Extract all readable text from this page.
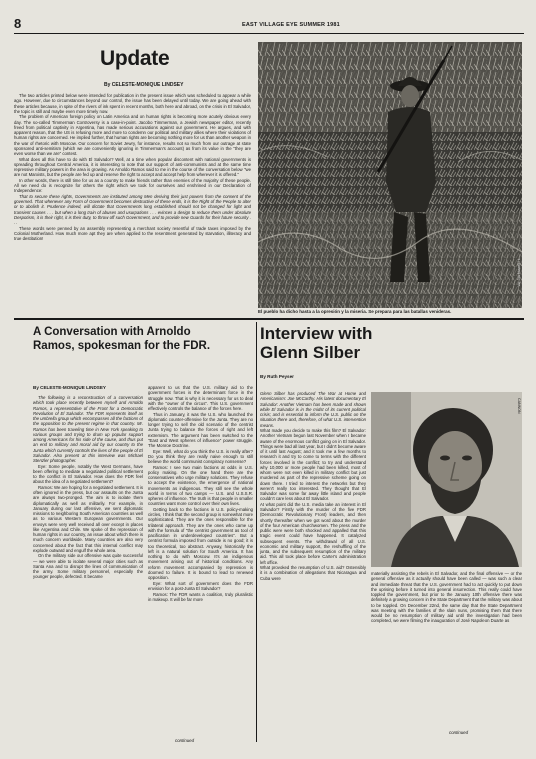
8	EAST VILLAGE EYE SUMMER 1981
Update
By CELESTE-MONIQUE LINDSEY

The two articles printed below were intended for publication in the present issue which was scheduled to appear a while ago. However, due to circumstances beyond our control, the issue has been delayed until today. We are going ahead with these articles because, in spite of the rivers of ink spent in recent months, both here and abroad, on the crisis in El Salvador, the topic is still and maybe even more timely now.

The problem of American foreign policy on Latin America and on human rights is becoming more acutely obvious every day. The so-called Timmerman Controversy is a case-in-point. Jacobo Timmerman, a Jewish newspaper editor, recently freed from political captivity in Argentina, has made serious accusations against our government. He argues, and with apparent reason, that the US is refusing more and more to condemn our political and military allies where their violations of human rights are concerned. He implied further, that human rights are becoming nothing more for us than another weapon in the war of rhetoric with Moscow. Our concern for Soviet Jewry, for instance, results not so much from our outrage at state sponsored anti-semitism (which we are conveniently ignoring in Timmerman's account) as from its value in the "they are even worse than we are" contest.

What does all this have to do with El Salvador? Well, at a time when popular discontent with national governments is spreading throughout Central America, it is interesting to note that our support of anti-communists and at the same time repressive military powers in the area is growing. As Arnoldo Ramos said to me in the course of the conversation below "we are not Marxists, but the people are fed up and reserve the right to accept and accept help from wherever it is offered."

In other words, there is still time for us as a country to make friends rather than enemies of the majority of these people. All we need do is recognize for others the right which we took for ourselves and enshrined in our Declaration of Independence:

That to secure these rights, Governments are instituted among Men deriving their just powers from the consent of the governed. That whenever any Form of Government becomes destructive of these ends, it is the Right of the People to alter or to abolish it. Prudence indeed, will dictate that Governments long established should not be changed for light and transient causes . . . but when a long train of abuses and usurpations . . . evinces a design to reduce them under absolute Despotism, it is their right, it is their duty, to throw off such Government, and to provide new Guards for their future security . . .

These words were penned by an assembly representing a merchant society resentful of trade taxes imposed by the Colonial Motherland. How much more apt they are when applied to the resentment generated by starvation, illiteracy and true destitution!

Vic Jos Nowek / L
El pueblo ha dicho hasta a la opresión y la miseria. Se prepara para las batallas venideras.
A Conversation with Arnoldo
Ramos, spokesman for the FDR.
By CELESTE-MONIQUE LINDSEY

The following is a reconstruction of a conversation which took place recently between myself and Arnoldo Ramos, a representative of the Front for a Democratic Revolution of El Salvador. The FDR represents itself as the umbrella group which encompasses all the factions of the opposition to the present regime in that country. Mr. Ramos has been traveling time in New York speaking to various groups and trying to drum up popular support among Americans for his side of the cause, and thus put an end to military and moral aid by our country to the Junta which currently controls the lives of the people of El Salvador. Also present at this interview was Michael Stenzler photographer.

Eye: Some people, notably the West Germans, have been offering to mediate a negotiated political settlement to the conflict in El Salvador. How does the FDR feel about the idea of a negotiated settlement?

Ramos: We are hoping for a negotiated settlement. It is often ignored in the press, but our assaults on the Junta are always two-pronged. The aim is to isolate them diplomatically as well as militarily. For example, in January during our last offensive, we sent diplomatic missions to neighboring South American countries as well as to various Western European governments. Our envoys were very well received all over except in places like Argentina and Chile. We spoke of the repression of human rights in our country, an issue about which there is much concern worldwide. Many countries are also very concerned about the fact that this internal conflict may explode outward and engulf the whole area.

On the military side our offensive was quite successful — we were able to isolate several major cities such as Santa Ana and to disrupt the lines of communication of the army. Some military personnel, especially the younger people, defected. It became

apparent to us that the U.S. military aid to the government forces is the determinant force in the struggle now. That is why it is necessary for us to deal with the "owner of the circus". This U.S. government effectively controls the balance of the forces here.

Thus in January, it was the U.S. who launched the diplomatic counter-offensive for the Junta. They are no longer trying to sell the old scenario of the centrist Junta trying to balance the forces of right and left extremism. The argument has been switched to the "East and West spheres of influence" power struggle. The Monroe Doctrine.

Eye: Well, what do you think the U.S. is really after? Do you think they are really naive enough to still believe the world communist conspiracy nonsense?

Ramos: I see two main factions at odds in U.S. policy making. On the one hand there are the conservatives who urge military solutions. They refuse to accept the existence, the emergence of national movements as indigenous. They still see the whole world in terms of two camps — U.S. and U.S.S.R. spheres of influence. The truth is that people in smaller countries want more control over their own lives.

Getting back to the factions in U.S. policy-making circles, I think that the second group is somewhat more sophisticated. They are the ones responsible for the trilateral approach. They are the ones who came up with the formula of "the centrist government as tool of pacification in underdeveloped countries". But a centrist formula imposed from outside is no good; it is too theoretical, too abstract. Anyway, historically the left is a natural solution for South America. It has nothing to do with Moscow. It's an indigenous movement arising out of historical conditions. Any reform movement accompanied by repression is doomed to failure. It is bound to lead to renewed opposition.

Eye: What sort of government does the FDR envision for a post-Junta El Salvador?

Ramos: The FDR wants a coalition, truly pluralistic in makeup. It will be far more

continued
Interview with
Glenn Silber
By Ruth Peyser

Glenn Silber has produced The War at Home and Americanism: Joe McCarthy. His latest documentary El Salvador: Another Vietnam has been made and shown while El Salvador is in the midst of its current political crisis; and is essential to inform the U.S. public on the situation there and, therefore, of what U.S. intervention means.

What made you decide to make this film? El Salvador: Another Vietnam begun last November when I became aware of the enormous conflict going on in El Salvador. Things were bad all last year, but I didn't become aware of it until last August; and it took me a few months to research it and try to come to terms with the different forces involved in the conflict; to try and understand why 10,000 or more people had been killed, most of whom were not even killed in military conflict but just murdered as part of the repressive scheme going on down there. I tried to interest the networks but they weren't really too interested. They thought that El Salvador was some far away little island and people couldn't care less about El Salvador.

At what point did the U.S. media take an interest in El Salvador? Firstly with the murder of the five FDR (Democratic Revolutionary Front) leaders, and then shortly thereafter when we got word about the murder of the four American churchwomen. The press and the public were were both shocked and appalled that this tragic event could have happened. It catalyzed subsequent events. The withdrawal of all U.S. economic and military support, the reshuffling of the junta, and the subsequent resumption of the military aid. This all took place before Carter's administration left office.

What provoked the resumption of U.S. aid? Ostensibly it is a combination of allegations that Nicaragua and Cuba were

CANNON

materially assisting the rebels in El Salvador, and the final offensive — or the general offensive as it actually should have been called — was such a clear and immediate threat that the U.S. government had to act quickly to put down the uprising before it turned into general insurrection. This really could have toppled the government, but prior to the January 10th offensive there was definitely a growing concern in the State Department that the military was about to be toppled. On December 22nd, the same day that the State Department was meeting with the families of the slain nuns, promising them that there would be no resumption of military aid until the investigation had been completed, we were filming the inauguration of José Napoleon Duarte as

continued
